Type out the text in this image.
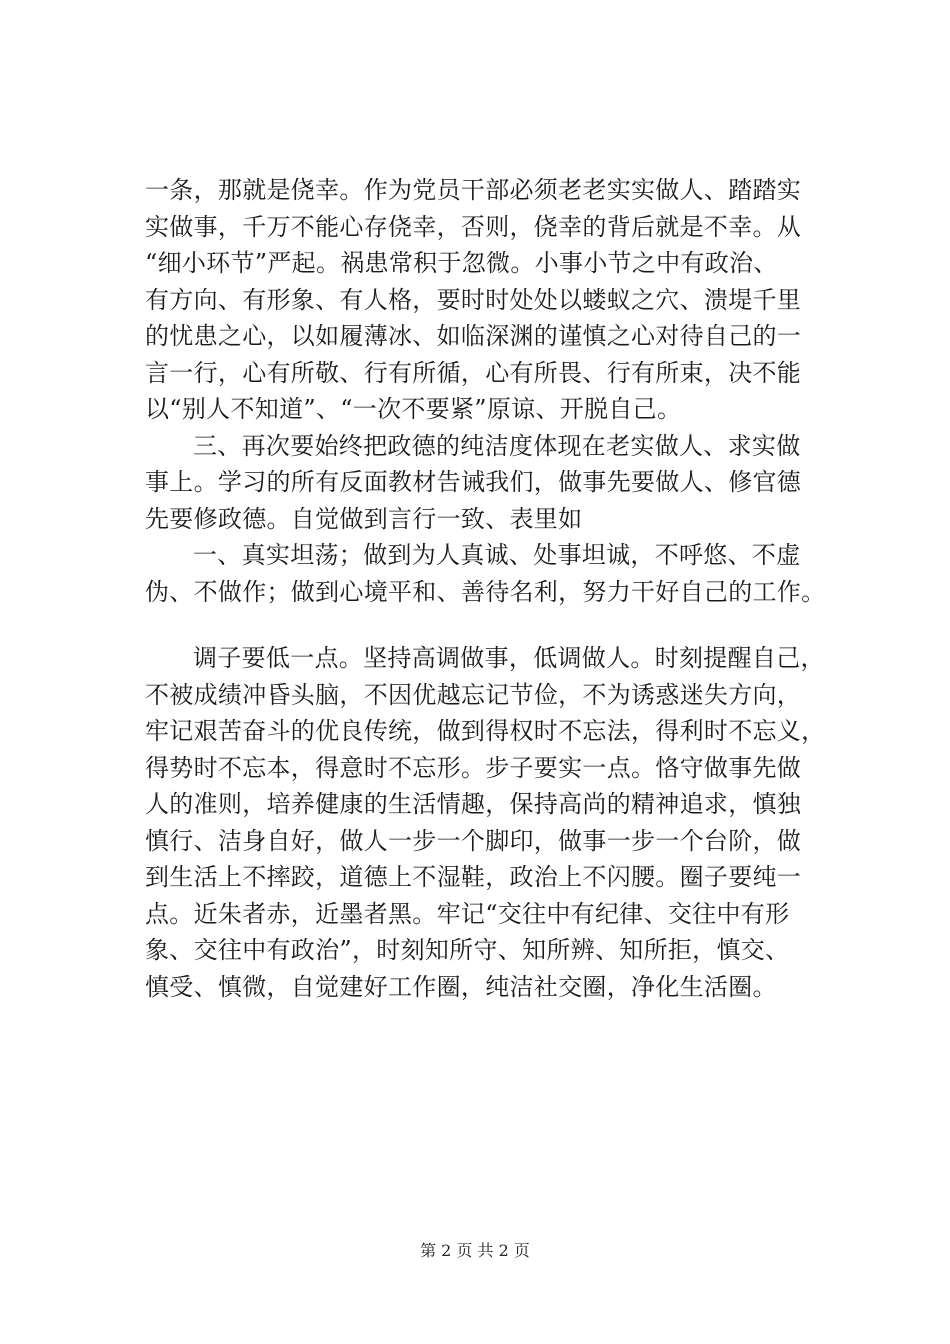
一条，那就是侥幸。作为党员干部必须老老实实做人、踏踏实
实做事，千万不能心存侥幸，否则，侥幸的背后就是不幸。从
“细小环节”严起。祸患常积于忽微。小事小节之中有政治、
有方向、有形象、有人格，要时时处处以蝼蚁之穴、溃堤千里
的忧患之心，以如履薄冰、如临深渊的谨慎之心对待自己的一
言一行，心有所敬、行有所循，心有所畏、行有所束，决不能
以“别人不知道”、“一次不要紧”原谅、开脱自己。
三、再次要始终把政德的纯洁度体现在老实做人、求实做
事上。学习的所有反面教材告诫我们，做事先要做人、修官德
先要修政德。自觉做到言行一致、表里如
一、真实坦荡；做到为人真诚、处事坦诚，不呼悠、不虚
伪、不做作；做到心境平和、善待名利，努力干好自己的工作。
调子要低一点。坚持高调做事，低调做人。时刻提醒自己，
不被成绩冲昏头脑，不因优越忘记节俭，不为诱惑迷失方向，
牢记艰苦奋斗的优良传统，做到得权时不忘法，得利时不忘义，
得势时不忘本，得意时不忘形。步子要实一点。恪守做事先做
人的准则，培养健康的生活情趣，保持高尚的精神追求，慎独
慎行、洁身自好，做人一步一个脚印，做事一步一个台阶，做
到生活上不摔跤，道德上不湿鞋，政治上不闪腰。圈子要纯一
点。近朱者赤，近墨者黑。牢记“交往中有纪律、交往中有形
象、交往中有政治”，时刻知所守、知所辨、知所拒，慎交、
慎受、慎微，自觉建好工作圈，纯洁社交圈，净化生活圈。
第 2 页 共 2 页
